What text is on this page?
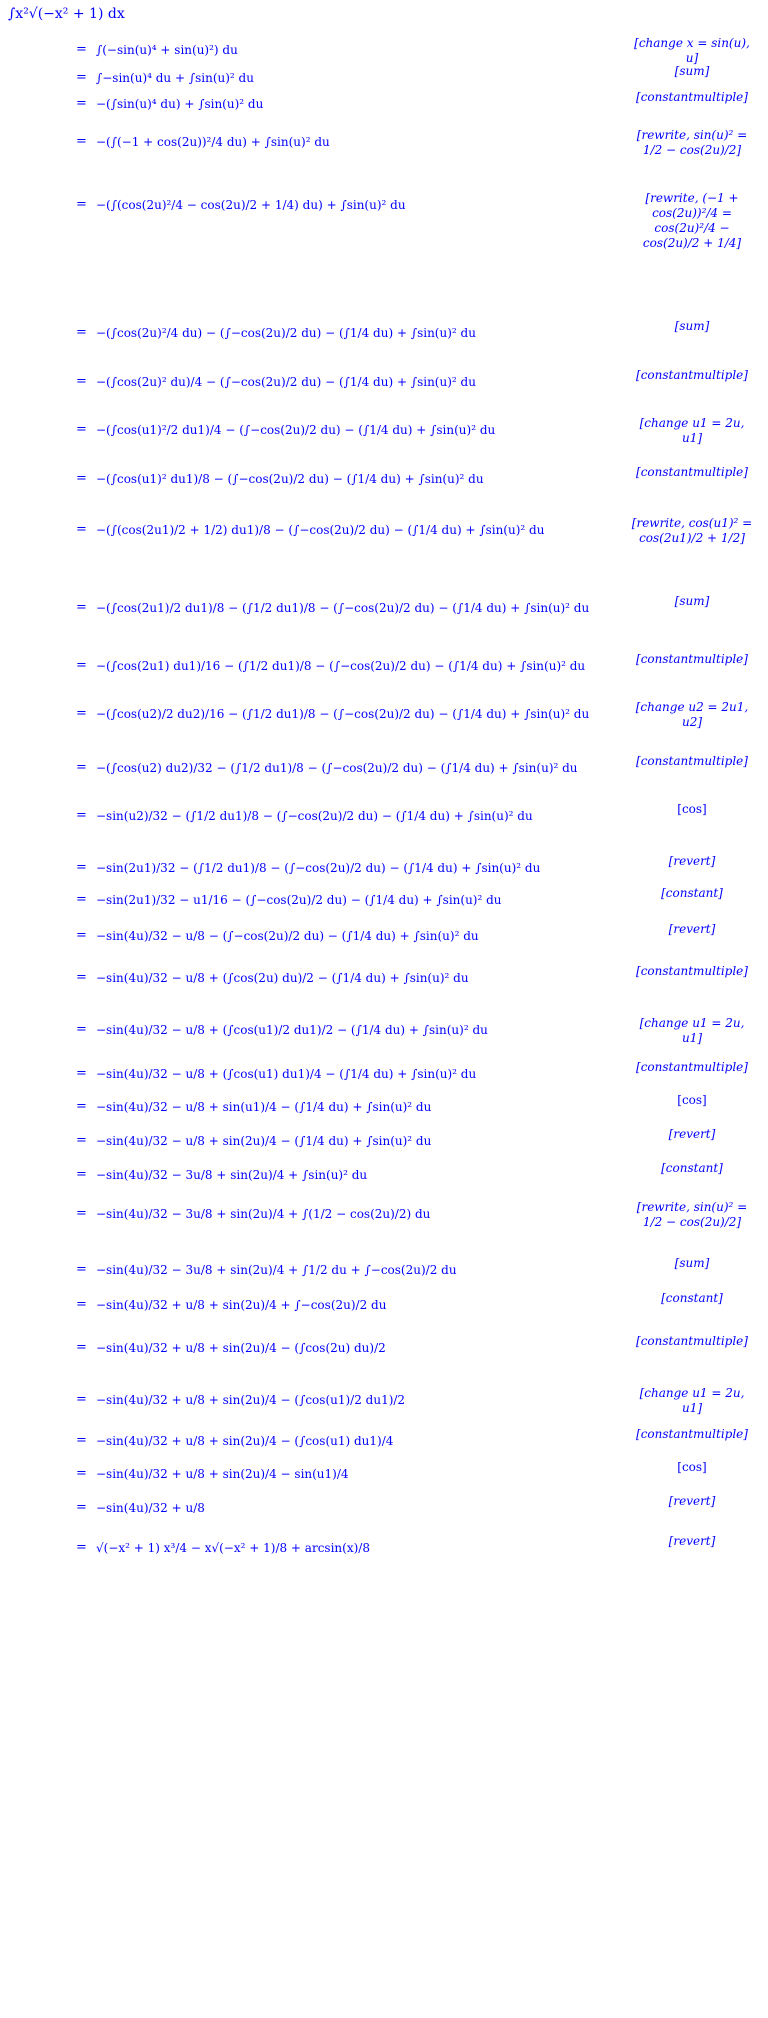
∫x²√(−x² + 1) dx
= ∫(−sin(u)⁴ + sin(u)²) du	[change x = sin(u), u]
= ∫−sin(u)⁴ du + ∫sin(u)² du	[sum]
= −(∫sin(u)⁴ du) + ∫sin(u)² du	[constantmultiple]
= −(∫(−1 + cos(2u))²/4 du) + ∫sin(u)² du	[rewrite, sin(u)² = 1/2 − cos(2u)/2]
= −(∫(cos(2u)²/4 − cos(2u)/2 + 1/4) du) + ∫sin(u)² du	[rewrite, (−1 + cos(2u))²/4 = cos(2u)²/4 − cos(2u)/2 + 1/4]
= −(∫cos(2u)²/4 du) − (∫−cos(2u)/2 du) − (∫1/4 du) + ∫sin(u)² du	[sum]
= −(∫cos(2u)² du)/4 − (∫−cos(2u)/2 du) − (∫1/4 du) + ∫sin(u)² du	[constantmultiple]
= −(∫cos(u1)²/2 du1)/4 − (∫−cos(2u)/2 du) − (∫1/4 du) + ∫sin(u)² du	[change u1 = 2u, u1]
= −(∫cos(u1)² du1)/8 − (∫−cos(2u)/2 du) − (∫1/4 du) + ∫sin(u)² du	[constantmultiple]
= −(∫(cos(2u1)/2 + 1/2) du1)/8 − (∫−cos(2u)/2 du) − (∫1/4 du) + ∫sin(u)² du	[rewrite, cos(u1)² = cos(2u1)/2 + 1/2]
= −(∫cos(2u1)/2 du1)/8 − (∫1/2 du1)/8 − (∫−cos(2u)/2 du) − (∫1/4 du) + ∫sin(u)² du	[sum]
= −(∫cos(2u1) du1)/16 − (∫1/2 du1)/8 − (∫−cos(2u)/2 du) − (∫1/4 du) + ∫sin(u)² du	[constantmultiple]
= −(∫cos(u2)/2 du2)/16 − (∫1/2 du1)/8 − (∫−cos(2u)/2 du) − (∫1/4 du) + ∫sin(u)² du	[change u2 = 2u1, u2]
= −(∫cos(u2) du2)/32 − (∫1/2 du1)/8 − (∫−cos(2u)/2 du) − (∫1/4 du) + ∫sin(u)² du	[constantmultiple]
= −sin(u2)/32 − (∫1/2 du1)/8 − (∫−cos(2u)/2 du) − (∫1/4 du) + ∫sin(u)² du	[cos]
= −sin(2u1)/32 − (∫1/2 du1)/8 − (∫−cos(2u)/2 du) − (∫1/4 du) + ∫sin(u)² du	[revert]
= −sin(2u1)/32 − u1/16 − (∫−cos(2u)/2 du) − (∫1/4 du) + ∫sin(u)² du	[constant]
= −sin(4u)/32 − u/8 − (∫−cos(2u)/2 du) − (∫1/4 du) + ∫sin(u)² du	[revert]
= −sin(4u)/32 − u/8 + (∫cos(2u) du)/2 − (∫1/4 du) + ∫sin(u)² du	[constantmultiple]
= −sin(4u)/32 − u/8 + (∫cos(u1)/2 du1)/2 − (∫1/4 du) + ∫sin(u)² du	[change u1 = 2u, u1]
= −sin(4u)/32 − u/8 + (∫cos(u1) du1)/4 − (∫1/4 du) + ∫sin(u)² du	[constantmultiple]
= −sin(4u)/32 − u/8 + sin(u1)/4 − (∫1/4 du) + ∫sin(u)² du	[cos]
= −sin(4u)/32 − u/8 + sin(2u)/4 − (∫1/4 du) + ∫sin(u)² du	[revert]
= −sin(4u)/32 − 3u/8 + sin(2u)/4 + ∫sin(u)² du	[constant]
= −sin(4u)/32 − 3u/8 + sin(2u)/4 + ∫(1/2 − cos(2u)/2) du	[rewrite, sin(u)² = 1/2 − cos(2u)/2]
= −sin(4u)/32 − 3u/8 + sin(2u)/4 + ∫1/2 du + ∫−cos(2u)/2 du	[sum]
= −sin(4u)/32 + u/8 + sin(2u)/4 + ∫−cos(2u)/2 du	[constant]
= −sin(4u)/32 + u/8 + sin(2u)/4 − (∫cos(2u) du)/2	[constantmultiple]
= −sin(4u)/32 + u/8 + sin(2u)/4 − (∫cos(u1)/2 du1)/2	[change u1 = 2u, u1]
= −sin(4u)/32 + u/8 + sin(2u)/4 − (∫cos(u1) du1)/4	[constantmultiple]
= −sin(4u)/32 + u/8 + sin(2u)/4 − sin(u1)/4	[cos]
= −sin(4u)/32 + u/8	[revert]
= √(−x² + 1) x³/4 − x√(−x² + 1)/8 + arcsin(x)/8	[revert]
